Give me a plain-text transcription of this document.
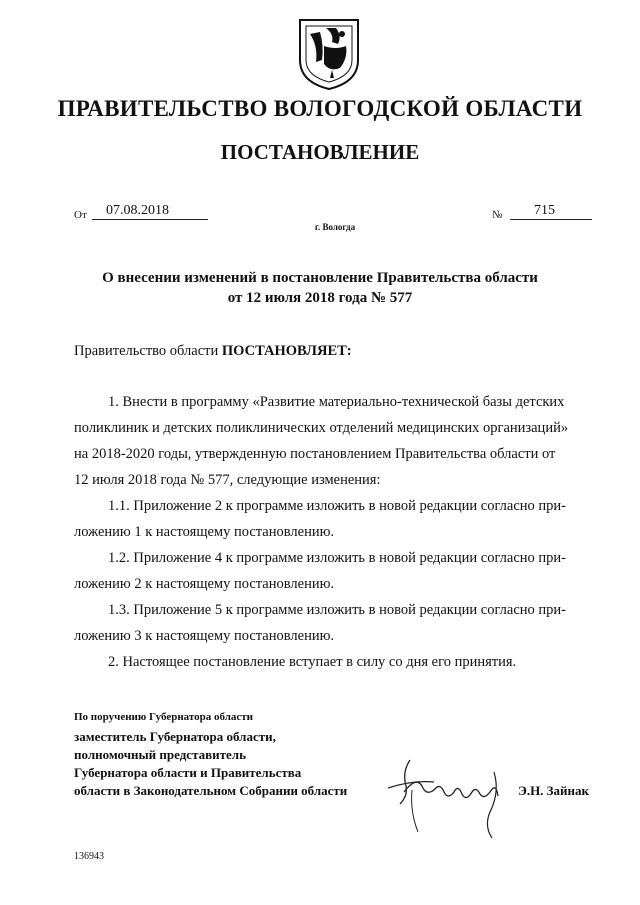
ПРАВИТЕЛЬСТВО ВОЛОГОДСКОЙ ОБЛАСТИ
ПОСТАНОВЛЕНИЕ
От	07.08.2018	№	715
г. Вологда
О внесении изменений в постановление Правительства области
от 12 июля 2018 года № 577
Правительство области ПОСТАНОВЛЯЕТ:
1. Внести в программу «Развитие материально-технической базы детских
поликлиник и детских поликлинических отделений медицинских организаций»
на 2018-2020 годы, утвержденную постановлением Правительства области от
12 июля 2018 года № 577, следующие изменения:
1.1. Приложение 2 к программе изложить в новой редакции согласно при-
ложению 1 к настоящему постановлению.
1.2. Приложение 4 к программе изложить в новой редакции согласно при-
ложению 2 к настоящему постановлению.
1.3. Приложение 5 к программе изложить в новой редакции согласно при-
ложению 3 к настоящему постановлению.
2. Настоящее постановление вступает в силу со дня его принятия.
По поручению Губернатора области
заместитель Губернатора области,
полномочный представитель
Губернатора области и Правительства
области в Законодательном Собрании области	Э.Н. Зайнак
136943
